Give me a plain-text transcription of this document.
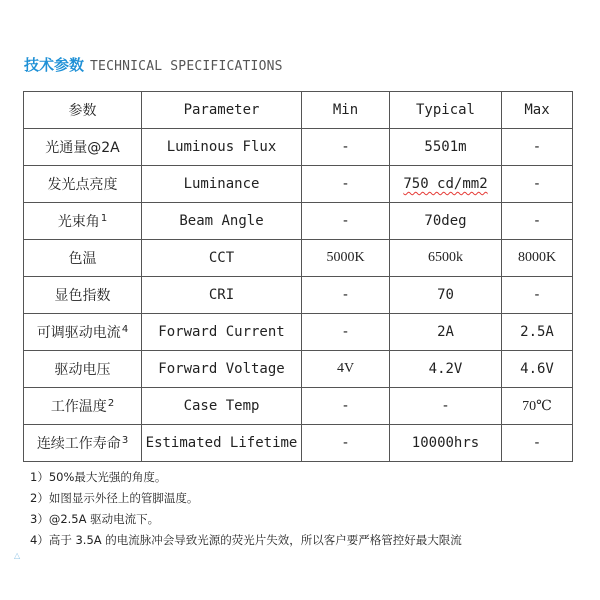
技术参数 TECHNICAL SPECIFICATIONS
参数	Parameter	Min	Typical	Max
光通量@2A	Luminous Flux	-	5501m	-
发光点亮度	Luminance	-	750 cd/mm2	-
光束角$^1$	Beam Angle	-	70deg	-
色温	CCT	5000K	6500k	8000K
显色指数	CRI	-	70	-
可调驱动电流$^4$	Forward Current	-	2A	2.5A
驱动电压	Forward Voltage	4V	4.2V	4.6V
工作温度$^2$	Case Temp	-	-	70℃
连续工作寿命$^3$	Estimated Lifetime	-	10000hrs	-
1）50%最大光强的角度。
2）如图显示外径上的管脚温度。
3）@2.5A 驱动电流下。
4）高于 3.5A 的电流脉冲会导致光源的荧光片失效，所以客户要严格管控好最大限流
△
